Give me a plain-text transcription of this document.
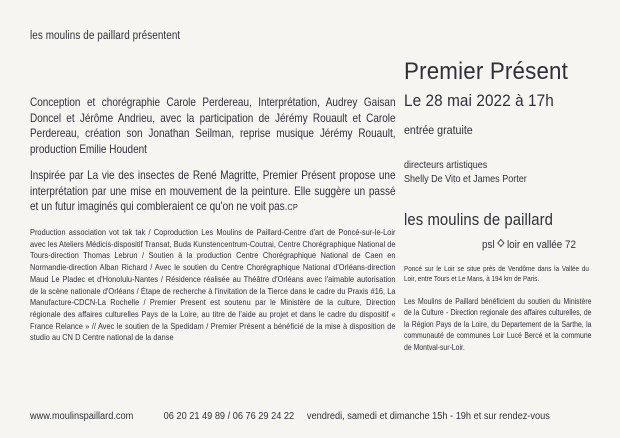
les moulins de paillard présentent
Conception et chorégraphie Carole Perdereau, Interprétation, Audrey Gaisan Doncel et Jérôme Andrieu, avec la participation de Jérémy Rouault et Carole Perdereau, création son Jonathan Seilman, reprise musique Jérémy Rouault, production Emilie Houdent
Inspirée par La vie des insectes de René Magritte, Premier Présent propose une interprétation par une mise en mouvement de la peinture. Elle suggère un passé et un futur imaginés qui combleraient ce qu'on ne voit pas.CP
Production association vot tak tak / Coproduction Les Moulins de Paillard-Centre d'art de Poncé-sur-le-Loir avec les Ateliers Médicis-dispositif Transat, Buda Kunstencentrum-Coutrai, Centre Chorégraphique National de Tours-direction Thomas Lebrun / Soutien à la production Centre Chorégraphique National de Caen en Normandie-direction Alban Richard / Avec le soutien du Centre Chorégraphique National d'Orléans-direction Maud Le Pladec et d'Honolulu-Nantes / Résidence réalisée au Théâtre d'Orléans avec l'aimable autorisation de la scène nationale d'Orléans / Étape de recherche à l'invitation de la Tierce dans le cadre du Praxis #16, La Manufacture-CDCN-La Rochelle / Premier Present est soutenu par le Ministère de la culture, Direction régionale des affaires culturelles Pays de la Loire, au titre de l'aide au projet et dans le cadre du dispositif « France Relance » // Avec le soutien de la Spedidam / Premier Présent a bénéficié de la mise à disposition de studio au CN D Centre national de la danse
Premier Présent
Le 28 mai 2022 à 17h
entrée gratuite
directeurs artistiques
Shelly De Vito et James Porter
les moulins de paillard
psl loir en vallée 72
Poncé sur le Loir se situe près de Vendôme dans la Vallée du Loir, entre Tours et Le Mans, à 194 km de Paris.
Les Moulins de Paillard bénéficient du soutien du Ministère de la Culture - Direction regionale des affaires culturelles, de la Région Pays de la Loire, du Departement de la Sarthe, la communauté de communes Loir Lucé Bercé et la commune de Montval-sur-Loir.
www.moulinspaillard.com	06 20 21 49 89 / 06 76 29 24 22	vendredi, samedi et dimanche 15h - 19h et sur rendez-vous
